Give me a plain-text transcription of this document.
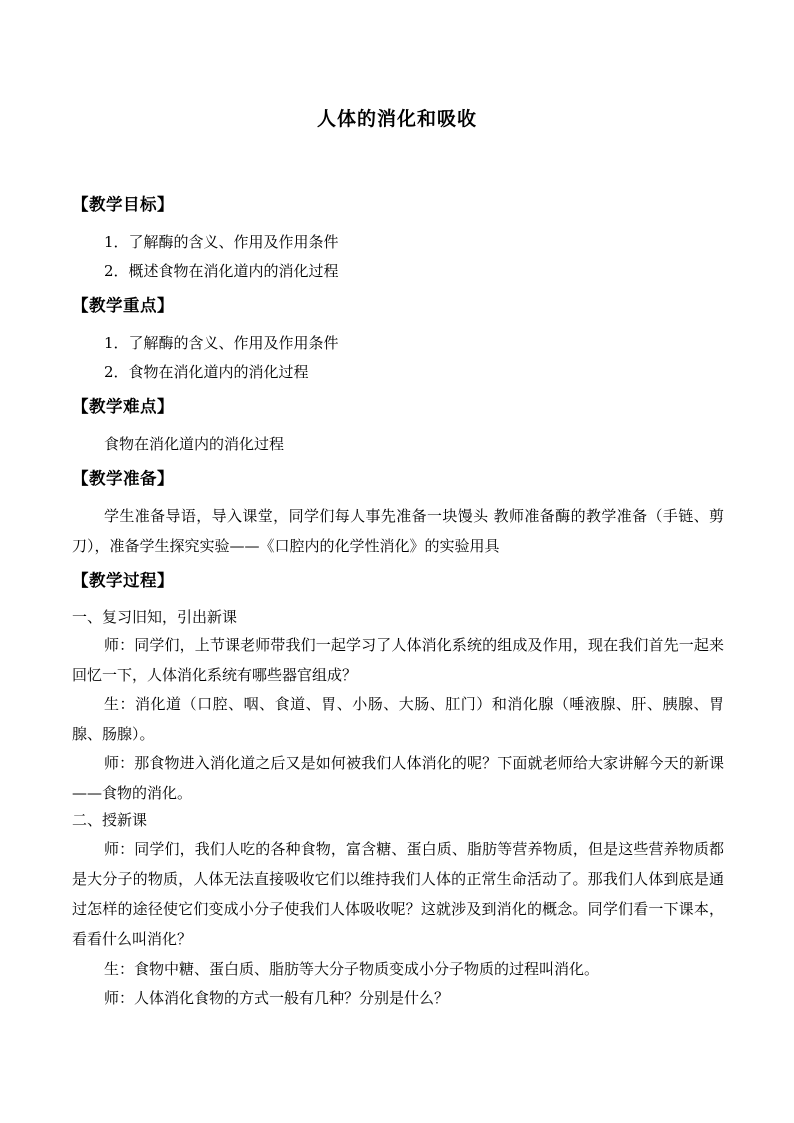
人体的消化和吸收
【教学目标】
1．了解酶的含义、作用及作用条件
2．概述食物在消化道内的消化过程
【教学重点】
1．了解酶的含义、作用及作用条件
2．食物在消化道内的消化过程
【教学难点】
食物在消化道内的消化过程
【教学准备】
学生准备导语，导入课堂，同学们每人事先准备一块馒头 教师准备酶的教学准备（手链、剪刀），准备学生探究实验——《口腔内的化学性消化》的实验用具
【教学过程】
一、复习旧知，引出新课
师：同学们，上节课老师带我们一起学习了人体消化系统的组成及作用，现在我们首先一起来回忆一下，人体消化系统有哪些器官组成？
生：消化道（口腔、咽、食道、胃、小肠、大肠、肛门）和消化腺（唾液腺、肝、胰腺、胃腺、肠腺）。
师：那食物进入消化道之后又是如何被我们人体消化的呢？下面就老师给大家讲解今天的新课——食物的消化。
二、授新课
师：同学们，我们人吃的各种食物，富含糖、蛋白质、脂肪等营养物质，但是这些营养物质都是大分子的物质，人体无法直接吸收它们以维持我们人体的正常生命活动了。那我们人体到底是通过怎样的途径使它们变成小分子使我们人体吸收呢？这就涉及到消化的概念。同学们看一下课本，看看什么叫消化？
生：食物中糖、蛋白质、脂肪等大分子物质变成小分子物质的过程叫消化。
师：人体消化食物的方式一般有几种？分别是什么？
